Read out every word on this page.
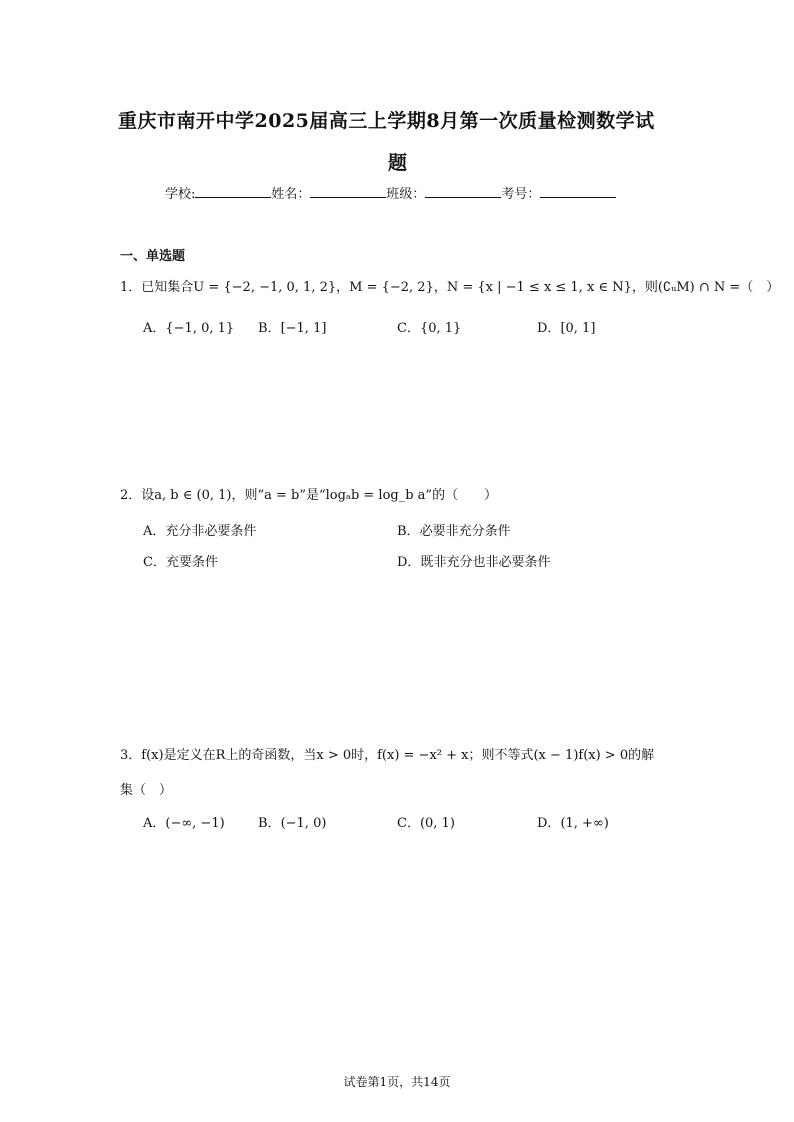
重庆市南开中学2025届高三上学期8月第一次质量检测数学试
题
学校:	姓名：	班级：	考号：
一、单选题
1．已知集合U = {−2, −1, 0, 1, 2}，M = {−2, 2}，N = {x | −1 ≤ x ≤ 1, x ∈ N}，则(∁ᵤM) ∩ N =（　）
A．{−1, 0, 1} B．[−1, 1]	C．{0, 1}	D．[0, 1]
2．设a, b ∈ (0, 1)，则“a = b”是“logₐb = log_b a”的（　　）
A．充分非必要条件	B．必要非充分条件
C．充要条件	D．既非充分也非必要条件
3．f(x)是定义在R上的奇函数，当x > 0时，f(x) = −x² + x；则不等式(x − 1)f(x) > 0的解
集（　）
A．(−∞, −1)	B．(−1, 0)	C．(0, 1)	D．(1, +∞)
试卷第1页，共14页
